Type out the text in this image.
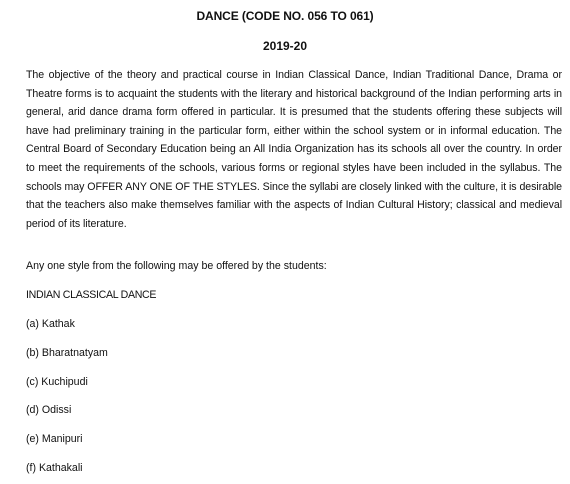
DANCE (CODE NO. 056 TO 061)
2019-20

The objective of the theory and practical course in Indian Classical Dance, Indian Traditional Dance, Drama or Theatre forms is to acquaint the students with the literary and historical background of the Indian performing arts in general, arid dance drama form offered in particular. It is presumed that the students offering these subjects will have had preliminary training in the particular form, either within the school system or in informal education. The Central Board of Secondary Education being an All India Organization has its schools all over the country. In order to meet the requirements of the schools, various forms or regional styles have been included in the syllabus. The schools may OFFER ANY ONE OF THE STYLES. Since the syllabi are closely linked with the culture, it is desirable that the teachers also make themselves familiar with the aspects of Indian Cultural History; classical and medieval period of its literature.

Any one style from the following may be offered by the students:

INDIAN CLASSICAL DANCE

(a) Kathak
(b) Bharatnatyam
(c) Kuchipudi
(d) Odissi
(e) Manipuri
(f) Kathakali
